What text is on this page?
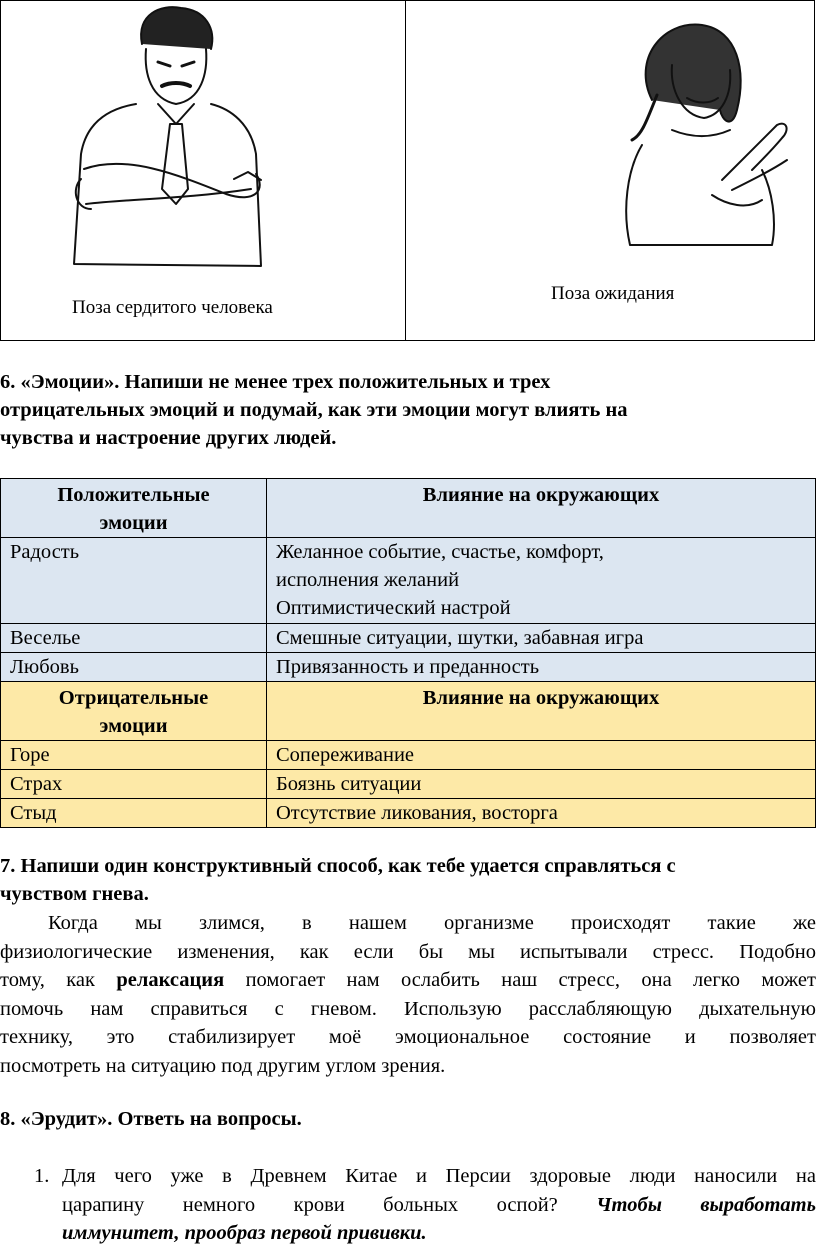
Поза сердитого человека
Поза ожидания
6. «Эмоции». Напиши не менее трех положительных и трех
отрицательных эмоций и подумай, как эти эмоции могут влиять на
чувства и настроение других людей.
Положительные
эмоции	Влияние на окружающих
Радость	Желанное событие, счастье, комфорт,
исполнения желаний
Оптимистический настрой

Веселье	Смешные ситуации, шутки, забавная игра
Любовь	Привязанность и преданность

Отрицательные
эмоции	Влияние на окружающих
Горе	Сопереживание
Страх	Боязнь ситуации
Стыд	Отсутствие ликования, восторга
7. Напиши один конструктивный способ, как тебе удается справляться с
чувством гнева.
Когда мы злимся, в нашем организме происходят такие же
физиологические изменения, как если бы мы испытывали стресс. Подобно
тому, как релаксация помогает нам ослабить наш стресс, она легко может
помочь нам справиться с гневом. Использую расслабляющую дыхательную
технику, это стабилизирует моё эмоциональное состояние и позволяет
посмотреть на ситуацию под другим углом зрения.
8. «Эрудит». Ответь на вопросы.
1. Для чего уже в Древнем Китае и Персии здоровые люди наносили на
царапину немного крови больных оспой? Чтобы выработать
иммунитет, прообраз первой прививки.
